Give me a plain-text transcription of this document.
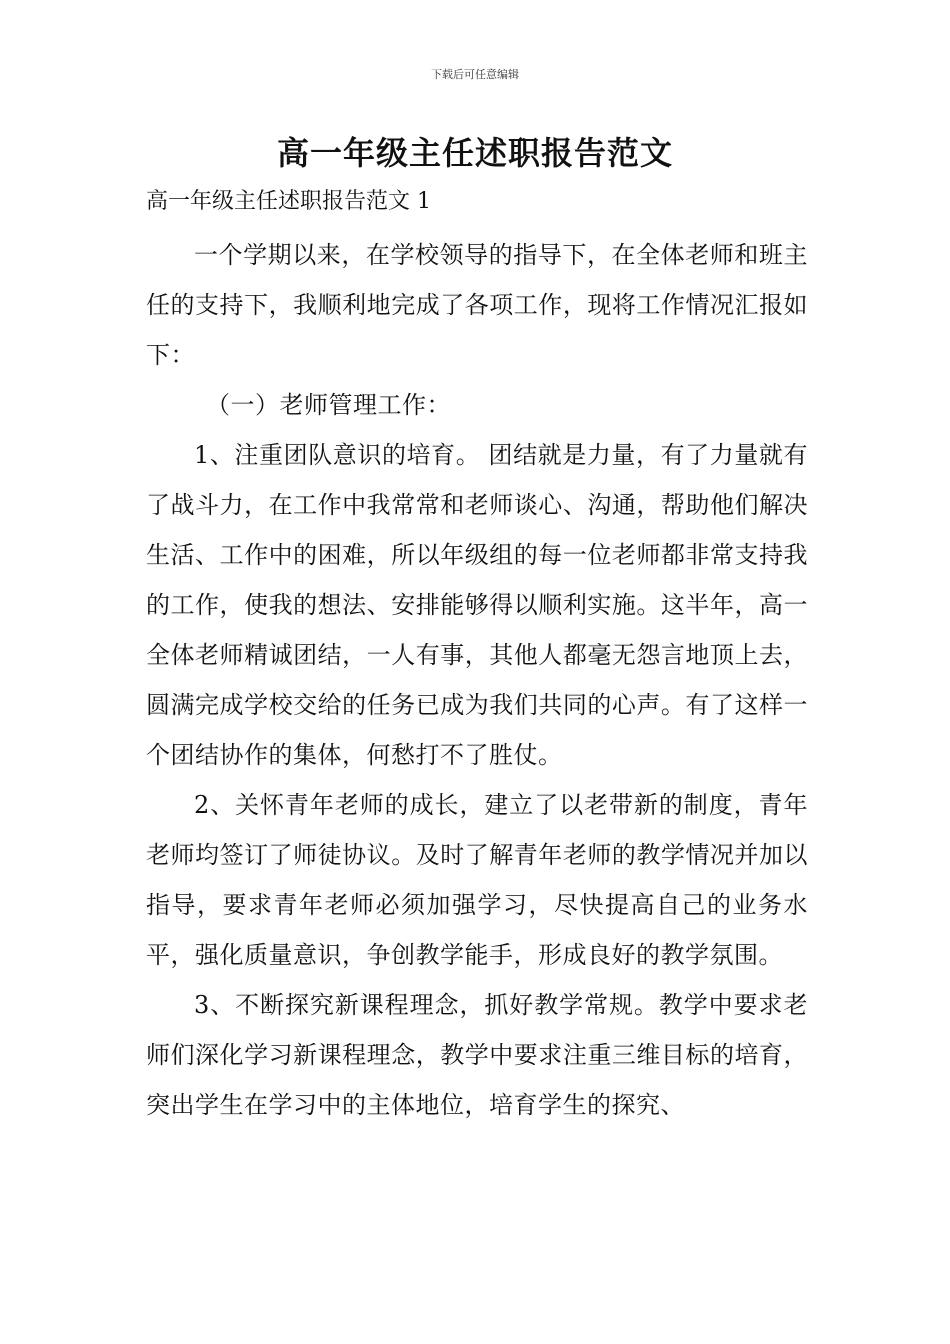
下载后可任意编辑
高一年级主任述职报告范文
高一年级主任述职报告范文 1

一个学期以来，在学校领导的指导下，在全体老师和班主任的支持下，我顺利地完成了各项工作，现将工作情况汇报如下：

（一）老师管理工作：

1、注重团队意识的培育。 团结就是力量，有了力量就有了战斗力，在工作中我常常和老师谈心、沟通，帮助他们解决生活、工作中的困难，所以年级组的每一位老师都非常支持我的工作，使我的想法、安排能够得以顺利实施。这半年，高一全体老师精诚团结，一人有事，其他人都毫无怨言地顶上去，圆满完成学校交给的任务已成为我们共同的心声。有了这样一个团结协作的集体，何愁打不了胜仗。

2、关怀青年老师的成长，建立了以老带新的制度，青年老师均签订了师徒协议。及时了解青年老师的教学情况并加以指导，要求青年老师必须加强学习，尽快提高自己的业务水平，强化质量意识，争创教学能手，形成良好的教学氛围。

3、不断探究新课程理念，抓好教学常规。教学中要求老师们深化学习新课程理念，教学中要求注重三维目标的培育，突出学生在学习中的主体地位，培育学生的探究、
